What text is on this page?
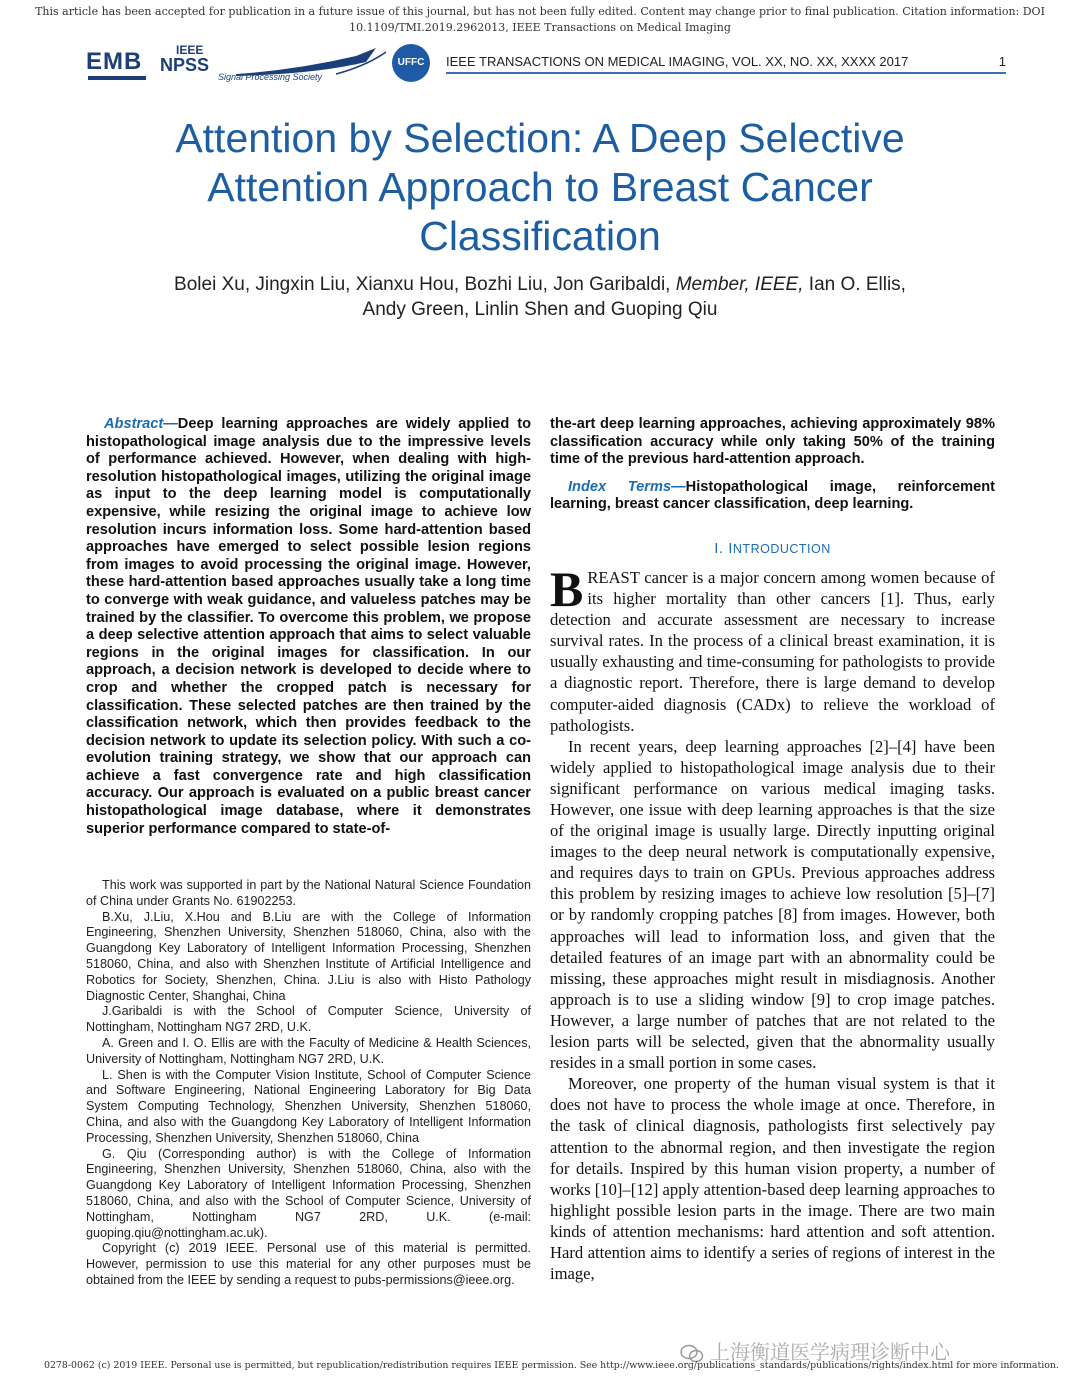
This article has been accepted for publication in a future issue of this journal, but has not been fully edited. Content may change prior to final publication. Citation information: DOI 10.1109/TMI.2019.2962013, IEEE Transactions on Medical Imaging
EMB	IEEE
NPSS
Signal Processing Society
UFFC	IEEE TRANSACTIONS ON MEDICAL IMAGING, VOL. XX, NO. XX, XXXX 2017	1
Attention by Selection: A Deep Selective Attention Approach to Breast Cancer Classification
Bolei Xu, Jingxin Liu, Xianxu Hou, Bozhi Liu, Jon Garibaldi, Member, IEEE, Ian O. Ellis,
Andy Green, Linlin Shen and Guoping Qiu

Abstract—Deep learning approaches are widely applied to histopathological image analysis due to the impressive levels of performance achieved. However, when dealing with high-resolution histopathological images, utilizing the original image as input to the deep learning model is computationally expensive, while resizing the original image to achieve low resolution incurs information loss. Some hard-attention based approaches have emerged to select possible lesion regions from images to avoid processing the original image. However, these hard-attention based approaches usually take a long time to converge with weak guidance, and valueless patches may be trained by the classifier. To overcome this problem, we propose a deep selective attention approach that aims to select valuable regions in the original images for classification. In our approach, a decision network is developed to decide where to crop and whether the cropped patch is necessary for classification. These selected patches are then trained by the classification network, which then provides feedback to the decision network to update its selection policy. With such a co-evolution training strategy, we show that our approach can achieve a fast convergence rate and high classification accuracy. Our approach is evaluated on a public breast cancer histopathological image database, where it demonstrates superior performance compared to state-of-

This work was supported in part by the National Natural Science Foundation of China under Grants No. 61902253.

B.Xu, J.Liu, X.Hou and B.Liu are with the College of Information Engineering, Shenzhen University, Shenzhen 518060, China, also with the Guangdong Key Laboratory of Intelligent Information Processing, Shenzhen 518060, China, and also with Shenzhen Institute of Artificial Intelligence and Robotics for Society, Shenzhen, China. J.Liu is also with Histo Pathology Diagnostic Center, Shanghai, China

J.Garibaldi is with the School of Computer Science, University of Nottingham, Nottingham NG7 2RD, U.K.

A. Green and I. O. Ellis are with the Faculty of Medicine & Health Sciences, University of Nottingham, Nottingham NG7 2RD, U.K.

L. Shen is with the Computer Vision Institute, School of Computer Science and Software Engineering, National Engineering Laboratory for Big Data System Computing Technology, Shenzhen University, Shenzhen 518060, China, and also with the Guangdong Key Laboratory of Intelligent Information Processing, Shenzhen University, Shenzhen 518060, China

G. Qiu (Corresponding author) is with the College of Information Engineering, Shenzhen University, Shenzhen 518060, China, also with the Guangdong Key Laboratory of Intelligent Information Processing, Shenzhen 518060, China, and also with the School of Computer Science, University of Nottingham, Nottingham NG7 2RD, U.K. (e-mail: guoping.qiu@nottingham.ac.uk).

Copyright (c) 2019 IEEE. Personal use of this material is permitted. However, permission to use this material for any other purposes must be obtained from the IEEE by sending a request to pubs-permissions@ieee.org.

the-art deep learning approaches, achieving approximately 98% classification accuracy while only taking 50% of the training time of the previous hard-attention approach.

Index Terms—Histopathological image, reinforcement learning, breast cancer classification, deep learning.

I. INTRODUCTION

BREAST cancer is a major concern among women because of its higher mortality than other cancers [1]. Thus, early detection and accurate assessment are necessary to increase survival rates. In the process of a clinical breast examination, it is usually exhausting and time-consuming for pathologists to provide a diagnostic report. Therefore, there is large demand to develop computer-aided diagnosis (CADx) to relieve the workload of pathologists.

In recent years, deep learning approaches [2]–[4] have been widely applied to histopathological image analysis due to their significant performance on various medical imaging tasks. However, one issue with deep learning approaches is that the size of the original image is usually large. Directly inputting original images to the deep neural network is computationally expensive, and requires days to train on GPUs. Previous approaches address this problem by resizing images to achieve low resolution [5]–[7] or by randomly cropping patches [8] from images. However, both approaches will lead to information loss, and given that the detailed features of an image part with an abnormality could be missing, these approaches might result in misdiagnosis. Another approach is to use a sliding window [9] to crop image patches. However, a large number of patches that are not related to the lesion parts will be selected, given that the abnormality usually resides in a small portion in some cases.

Moreover, one property of the human visual system is that it does not have to process the whole image at once. Therefore, in the task of clinical diagnosis, pathologists first selectively pay attention to the abnormal region, and then investigate the region for details. Inspired by this human vision property, a number of works [10]–[12] apply attention-based deep learning approaches to highlight possible lesion parts in the image. There are two main kinds of attention mechanisms: hard attention and soft attention. Hard attention aims to identify a series of regions of interest in the image,

上海衡道医学病理诊断中心
0278-0062 (c) 2019 IEEE. Personal use is permitted, but republication/redistribution requires IEEE permission. See http://www.ieee.org/publications_standards/publications/rights/index.html for more information.
